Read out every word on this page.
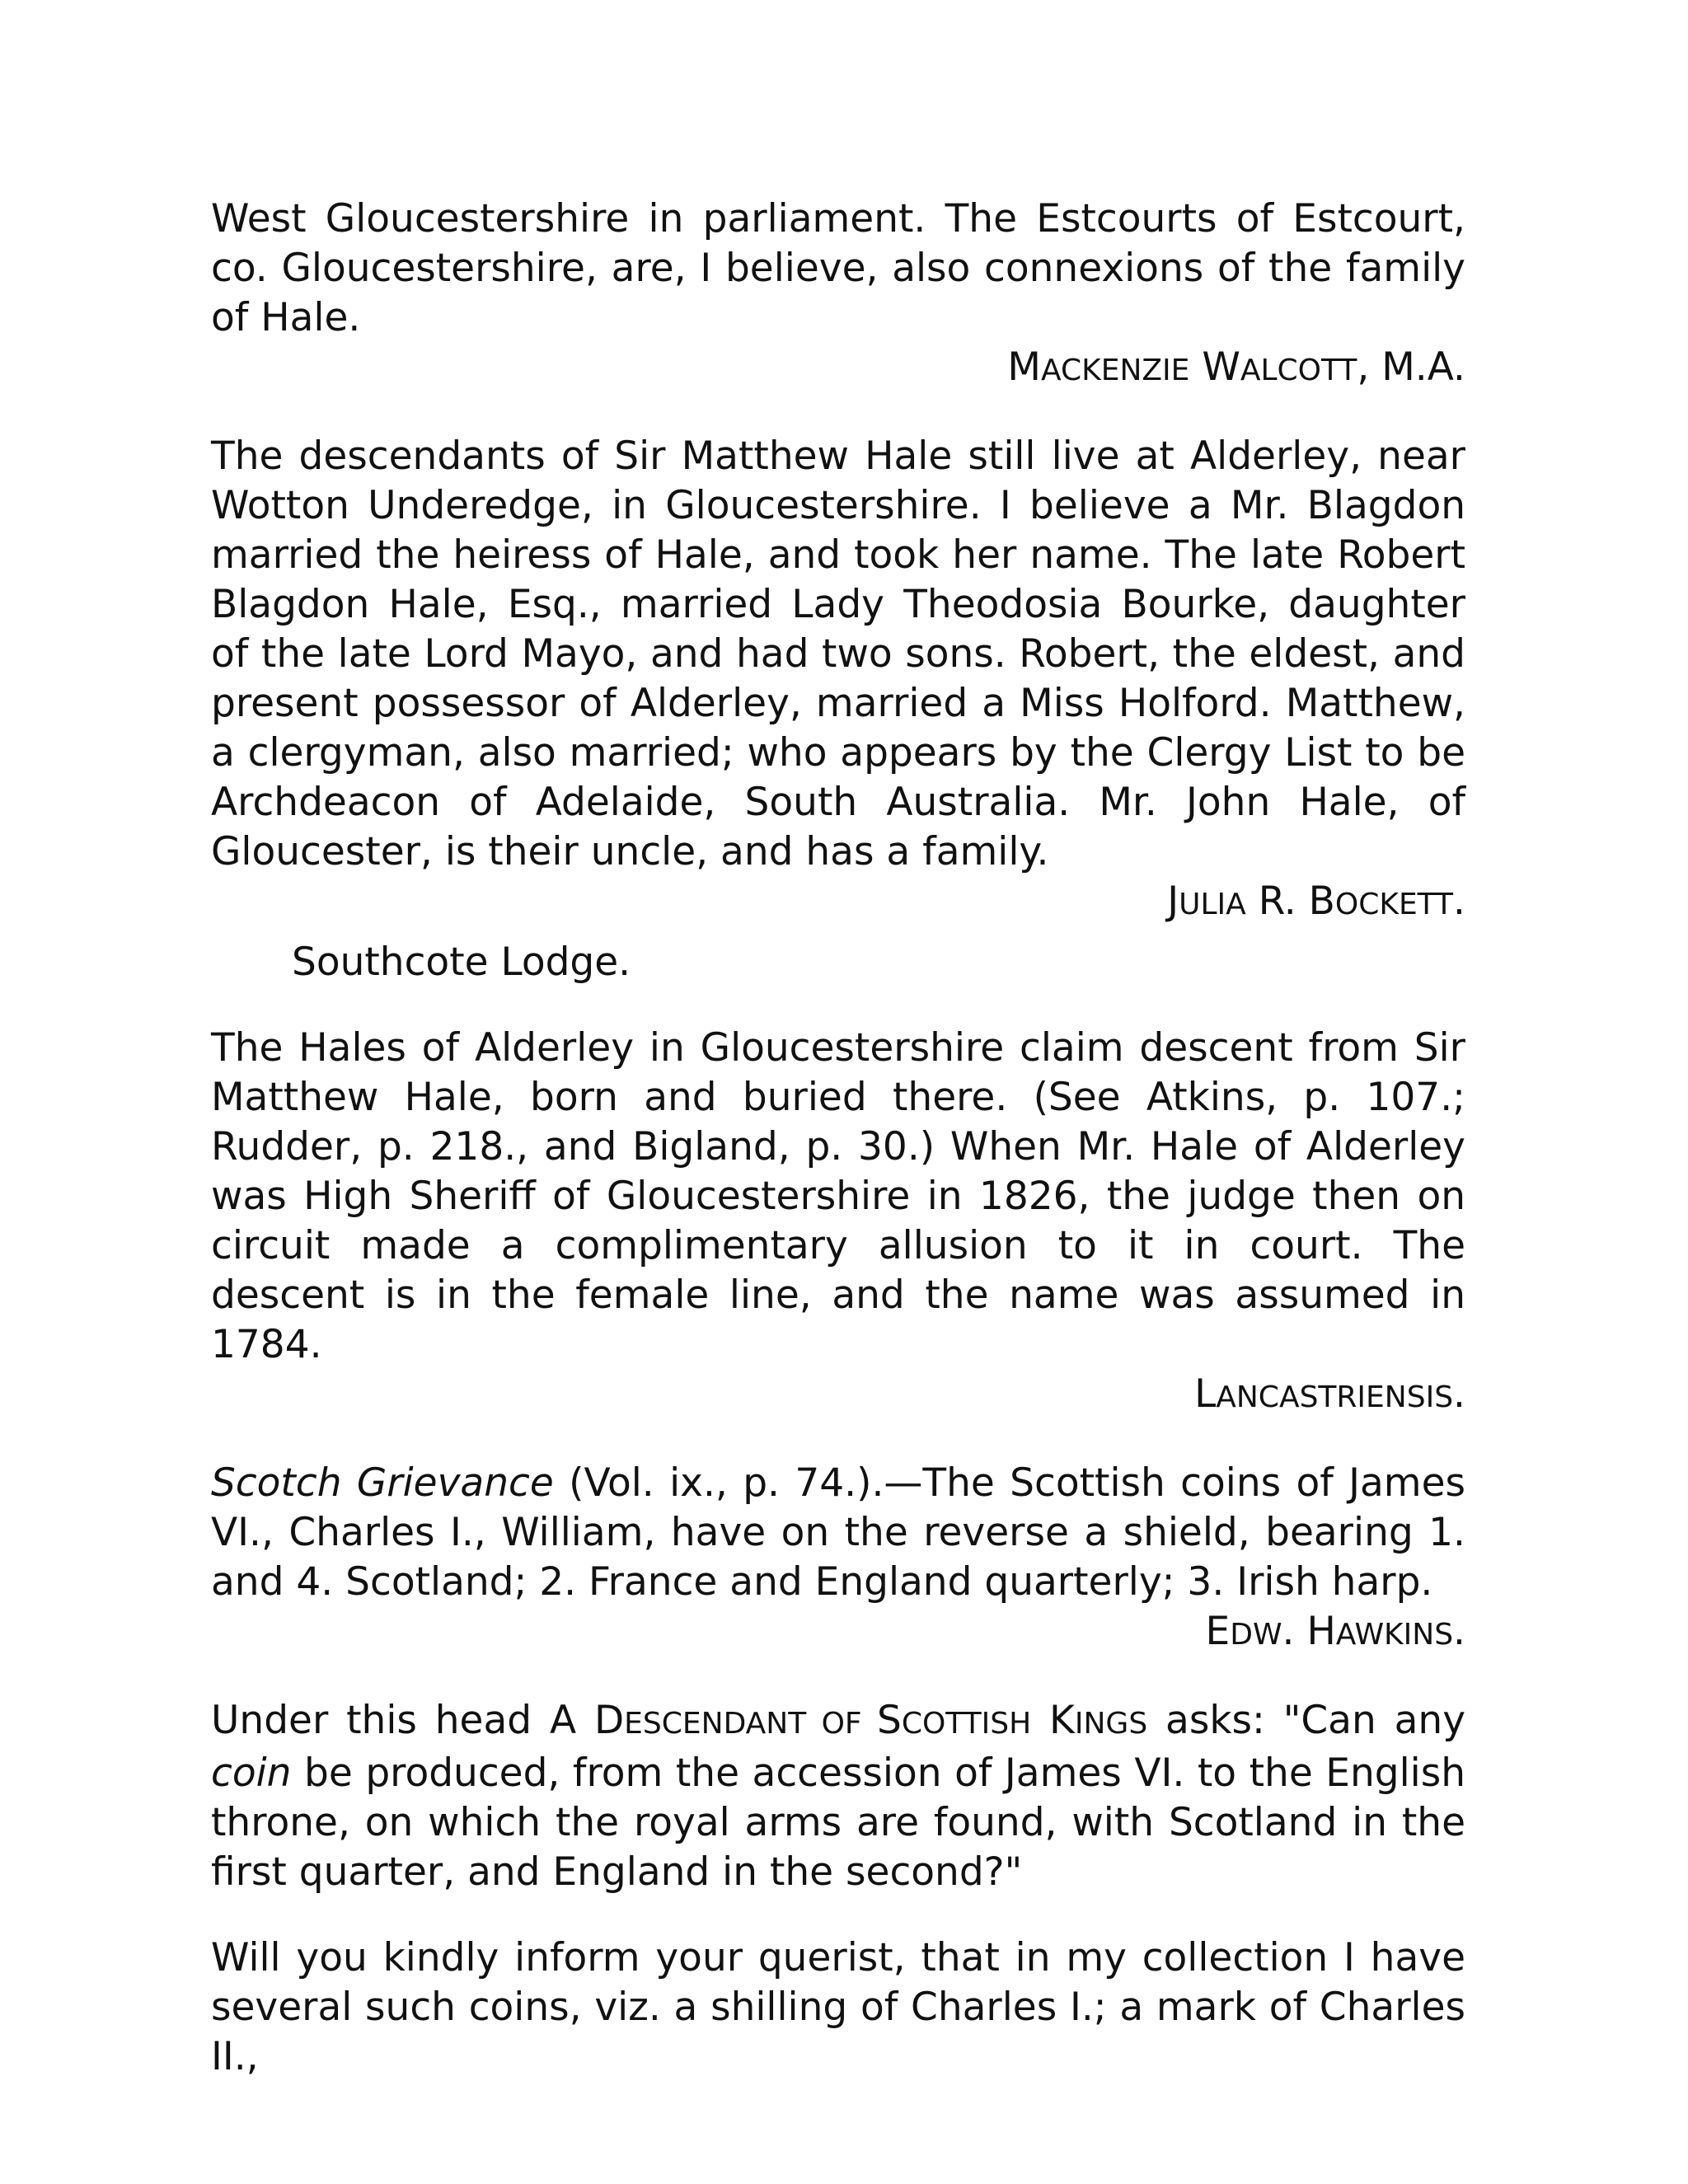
West Gloucestershire in parliament. The Estcourts of Estcourt, co. Gloucestershire, are, I believe, also connexions of the family of Hale.

MACKENZIE WALCOTT, M.A.

The descendants of Sir Matthew Hale still live at Alderley, near Wotton Underedge, in Gloucestershire. I believe a Mr. Blagdon married the heiress of Hale, and took her name. The late Robert Blagdon Hale, Esq., married Lady Theodosia Bourke, daughter of the late Lord Mayo, and had two sons. Robert, the eldest, and present possessor of Alderley, married a Miss Holford. Matthew, a clergyman, also married; who appears by the Clergy List to be Archdeacon of Adelaide, South Australia. Mr. John Hale, of Gloucester, is their uncle, and has a family.

JULIA R. BOCKETT.

Southcote Lodge.

The Hales of Alderley in Gloucestershire claim descent from Sir Matthew Hale, born and buried there. (See Atkins, p. 107.; Rudder, p. 218., and Bigland, p. 30.) When Mr. Hale of Alderley was High Sheriff of Gloucestershire in 1826, the judge then on circuit made a complimentary allusion to it in court. The descent is in the female line, and the name was assumed in 1784.

LANCASTRIENSIS.

Scotch Grievance (Vol. ix., p. 74.).—The Scottish coins of James VI., Charles I., William, have on the reverse a shield, bearing 1. and 4. Scotland; 2. France and England quarterly; 3. Irish harp.

EDW. HAWKINS.

Under this head A DESCENDANT OF SCOTTISH KINGS asks: "Can any coin be produced, from the accession of James VI. to the English throne, on which the royal arms are found, with Scotland in the first quarter, and England in the second?"

Will you kindly inform your querist, that in my collection I have several such coins, viz. a shilling of Charles I.; a mark of Charles II.,
